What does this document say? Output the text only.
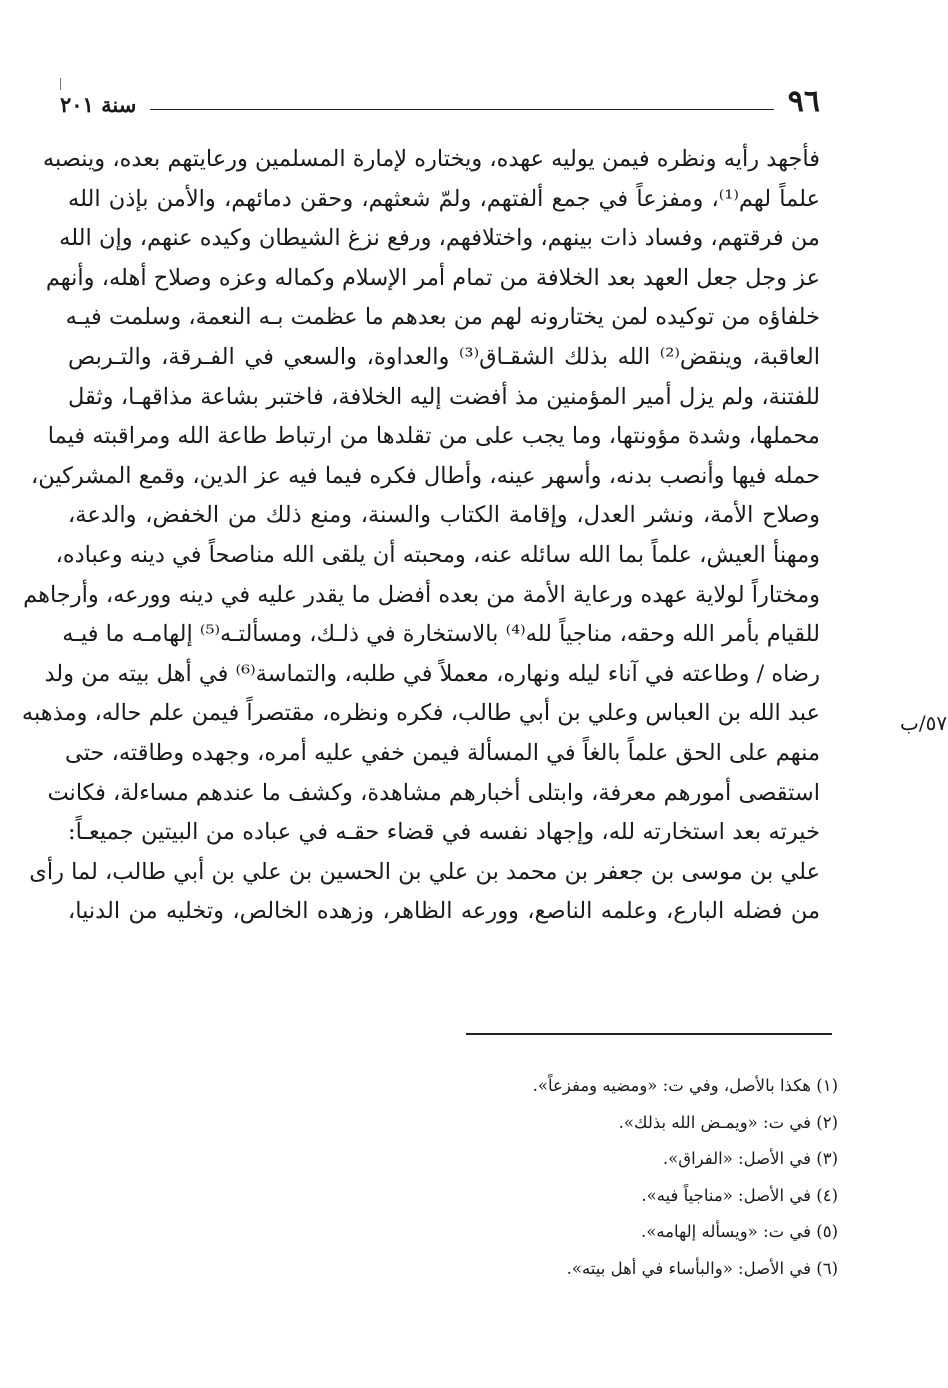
٩٦
سنة ٢٠١
٥٧/ب
فأجهد رأيه ونظره فيمن يوليه عهده، ويختاره لإمارة المسلمين ورعايتهم بعده، وينصبه
علماً لهم⁽¹⁾، ومفزعاً في جمع ألفتهم، ولمّ شعثهم، وحقن دمائهم، والأمن بإذن الله
من فرقتهم، وفساد ذات بينهم، واختلافهم، ورفع نزغ الشيطان وكيده عنهم، وإن الله
عز وجل جعل العهد بعد الخلافة من تمام أمر الإسلام وكماله وعزه وصلاح أهله، وأنهم
خلفاؤه من توكيده لمن يختارونه لهم من بعدهم ما عظمت بـه النعمة، وسلمت فيـه
العاقبة، وينقض⁽²⁾ الله بذلك الشقـاق⁽³⁾ والعداوة، والسعي في الفـرقة، والتـربص
للفتنة، ولم يزل أمير المؤمنين مذ أفضت إليه الخلافة، فاختبر بشاعة مذاقهـا، وثقل
محملها، وشدة مؤونتها، وما يجب على من تقلدها من ارتباط طاعة الله ومراقبته فيما
حمله فيها وأنصب بدنه، وأسهر عينه، وأطال فكره فيما فيه عز الدين، وقمع المشركين،
وصلاح الأمة، ونشر العدل، وإقامة الكتاب والسنة، ومنع ذلك من الخفض، والدعة،
ومهنأ العيش، علماً بما الله سائله عنه، ومحبته أن يلقى الله مناصحاً في دينه وعباده،
ومختاراً لولاية عهده ورعاية الأمة من بعده أفضل ما يقدر عليه في دينه وورعه، وأرجاهم
للقيام بأمر الله وحقه، مناجياً لله⁽⁴⁾ بالاستخارة في ذلـك، ومسألتـه⁽⁵⁾ إلهامـه ما فيـه
رضاه / وطاعته في آناء ليله ونهاره، معملاً في طلبه، والتماسة⁽⁶⁾ في أهل بيته من ولد
عبد الله بن العباس وعلي بن أبي طالب، فكره ونظره، مقتصراً فيمن علم حاله، ومذهبه
منهم على الحق علماً بالغاً في المسألة فيمن خفي عليه أمره، وجهده وطاقته، حتى
استقصى أمورهم معرفة، وابتلى أخبارهم مشاهدة، وكشف ما عندهم مساءلة، فكانت
خيرته بعد استخارته لله، وإجهاد نفسه في قضاء حقـه في عباده من البيتين جميعـاً:
علي بن موسى بن جعفر بن محمد بن علي بن الحسين بن علي بن أبي طالب، لما رأى
من فضله البارع، وعلمه الناصع، وورعه الظاهر، وزهده الخالص، وتخليه من الدنيا،
(١) هكذا بالأصل، وفي ت: «ومضيه ومفزعاً».
(٢) في ت: «ويمـض الله بذلك».
(٣) في الأصل: «الفراق».
(٤) في الأصل: «مناجياً فيه».
(٥) في ت: «ويسأله إلهامه».
(٦) في الأصل: «والبأساء في أهل بيته».
